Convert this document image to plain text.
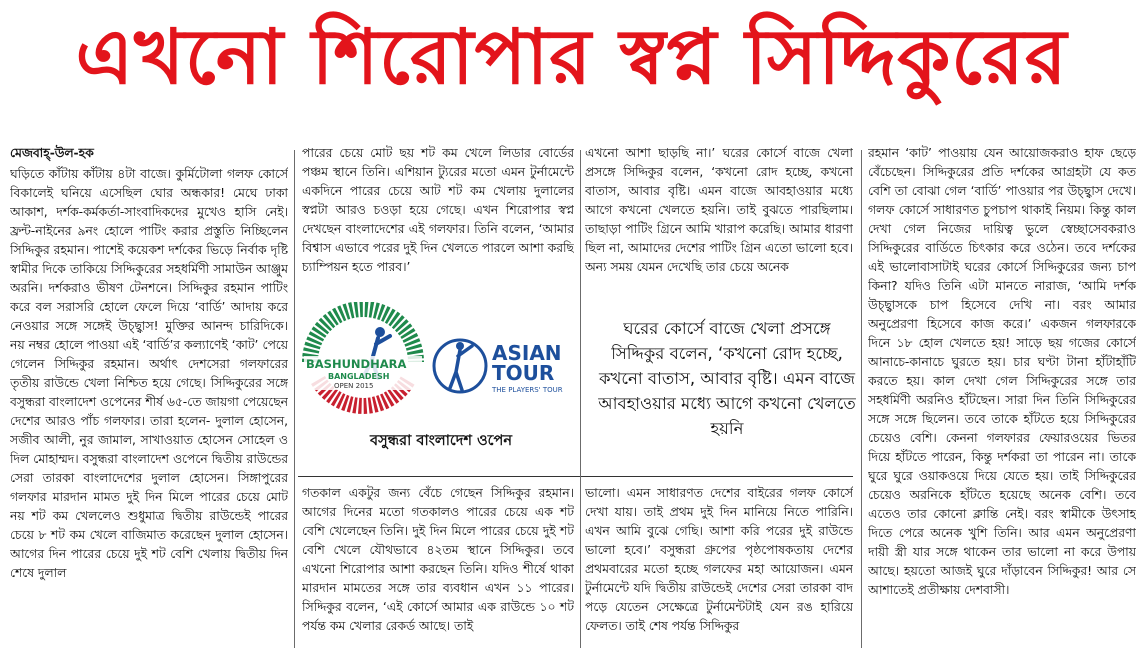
এখনো শিরোপার স্বপ্ন সিদ্দিকুরের
মেজবাহ্-উল-হক

ঘড়িতে কাঁটায় কাঁটায় ৪টা বাজে। কুর্মিটোলা গলফ কোর্সে বিকালেই ঘনিয়ে এসেছিল ঘোর অন্ধকার! মেঘে ঢাকা আকাশ, দর্শক-কর্মকর্তা-সাংবাদিকদের মুখেও হাসি নেই। ফ্রন্ট-নাইনের ৯নং হোলে পাটিং করার প্রস্তুতি নিচ্ছিলেন সিদ্দিকুর রহমান। পাশেই কয়েকশ দর্শকের ভিড়ে নির্বাক দৃষ্টি স্বামীর দিকে তাকিয়ে সিদ্দিকুরের সহধর্মিণী সামাউন আঞ্জুম অরনি। দর্শকরাও ভীষণ টেনশনে। সিদ্দিকুর রহমান পাটিং করে বল সরাসরি হোলে ফেলে দিয়ে ‘বার্ডি’ আদায় করে নেওয়ার সঙ্গে সঙ্গেই উচ্ছ্বাস! মুক্তির আনন্দ চারিদিকে। নয় নম্বর হোলে পাওয়া এই ‘বার্ডি’র কল্যাণেই ‘কাট’ পেয়ে গেলেন সিদ্দিকুর রহমান। অর্থাৎ দেশসেরা গলফারের তৃতীয় রাউন্ডে খেলা নিশ্চিত হয়ে গেছে। সিদ্দিকুরের সঙ্গে বসুন্ধরা বাংলাদেশ ওপেনের শীর্ষ ৬৫-তে জায়গা পেয়েছেন দেশের আরও পাঁচ গলফার। তারা হলেন- দুলাল হোসেন, সজীব আলী, নুর জামাল, সাখাওয়াত হোসেন সোহেল ও দিল মোহাম্মদ। বসুন্ধরা বাংলাদেশ ওপেনে দ্বিতীয় রাউন্ডের সেরা তারকা বাংলাদেশের দুলাল হোসেন। সিঙ্গাপুরের গলফার মারদান মামত দুই দিন মিলে পারের চেয়ে মোট নয় শট কম খেললেও শুধুমাত্র দ্বিতীয় রাউন্ডেই পারের চেয়ে ৮ শট কম খেলে বাজিমাত করেছেন দুলাল হোসেন। আগের দিন পারের চেয়ে দুই শট বেশি খেলায় দ্বিতীয় দিন শেষে দুলাল

পারের চেয়ে মোট ছয় শট কম খেলে লিডার বোর্ডের পঞ্চম স্থানে তিনি। এশিয়ান ট্যুরের মতো এমন টুর্নামেন্টে একদিনে পারের চেয়ে আট শট কম খেলায় দুলালের স্বপ্নটা আরও চওড়া হয়ে গেছে। এখন শিরোপার স্বপ্ন দেখছেন বাংলাদেশের এই গলফার। তিনি বলেন, ‘আমার বিশ্বাস এভাবে পরের দুই দিন খেলতে পারলে আশা করছি চ্যাম্পিয়ন হতে পারব।’

BASHUNDHARA
BANGLADESH
OPEN 2015
ASIAN
TOUR
THE PLAYERS' TOUR
বসুন্ধরা বাংলাদেশ ওপেন

গতকাল একটুর জন্য বেঁচে গেছেন সিদ্দিকুর রহমান। আগের দিনের মতো গতকালও পারের চেয়ে এক শট বেশি খেলেছেন তিনি। দুই দিন মিলে পারের চেয়ে দুই শট বেশি খেলে যৌথভাবে ৪২তম স্থানে সিদ্দিকুর। তবে এখনো শিরোপার আশা করছেন তিনি। যদিও শীর্ষে থাকা মারদান মামতের সঙ্গে তার ব্যবধান এখন ১১ পারের। সিদ্দিকুর বলেন, ‘এই কোর্সে আমার এক রাউন্ডে ১০ শট পর্যন্ত কম খেলার রেকর্ড আছে। তাই

এখনো আশা ছাড়ছি না।’ ঘরের কোর্সে বাজে খেলা প্রসঙ্গে সিদ্দিকুর বলেন, ‘কখনো রোদ হচ্ছে, কখনো বাতাস, আবার বৃষ্টি। এমন বাজে আবহাওয়ার মধ্যে আগে কখনো খেলতে হয়নি। তাই বুঝতে পারছিলাম। তাছাড়া পাটিং গ্রিনে আমি খারাপ করেছি। আমার ধারণা ছিল না, আমাদের দেশের পাটিং গ্রিন এতো ভালো হবে। অন্য সময় যেমন দেখেছি তার চেয়ে অনেক

ঘরের কোর্সে বাজে খেলা প্রসঙ্গে সিদ্দিকুর বলেন, ‘কখনো রোদ হচ্ছে, কখনো বাতাস, আবার বৃষ্টি। এমন বাজে আবহাওয়ার মধ্যে আগে কখনো খেলতে হয়নি

ভালো। এমন সাধারণত দেশের বাইরের গলফ কোর্সে দেখা যায়। তাই প্রথম দুই দিন মানিয়ে নিতে পারিনি। এখন আমি বুঝে গেছি। আশা করি পরের দুই রাউন্ডে ভালো হবে।’ বসুন্ধরা গ্রুপের পৃষ্ঠপোষকতায় দেশের প্রথমবারের মতো হচ্ছে গলফের মহা আয়োজন। এমন টুর্নামেন্টে যদি দ্বিতীয় রাউন্ডেই দেশের সেরা তারকা বাদ পড়ে যেতেন সেক্ষেত্রে টুর্নামেন্টটাই যেন রঙ হারিয়ে ফেলত। তাই শেষ পর্যন্ত সিদ্দিকুর

রহমান ‘কাট’ পাওয়ায় যেন আয়োজকরাও হাফ ছেড়ে বেঁচেছেন। সিদ্দিকুরের প্রতি দর্শকের আগ্রহটা যে কত বেশি তা বোঝা গেল ‘বার্ডি’ পাওয়ার পর উচ্ছ্বাস দেখে। গলফ কোর্সে সাধারণত চুপচাপ থাকাই নিয়ম। কিন্তু কাল দেখা গেল নিজের দায়িত্ব ভুলে স্বেচ্ছাসেবকরাও সিদ্দিকুরের বার্ডিতে চিৎকার করে ওঠেন। তবে দর্শকের এই ভালোবাসাটাই ঘরের কোর্সে সিদ্দিকুরের জন্য চাপ কিনা? যদিও তিনি এটা মানতে নারাজ, ‘আমি দর্শক উচ্ছ্বাসকে চাপ হিসেবে দেখি না। বরং আমার অনুপ্রেরণা হিসেবে কাজ করে।’ একজন গলফারকে দিনে ১৮ হোল খেলতে হয়! সাড়ে ছয় গজের কোর্সে আনাচে-কানাচে ঘুরতে হয়। চার ঘণ্টা টানা হাঁটাহাঁটি করতে হয়। কাল দেখা গেল সিদ্দিকুরের সঙ্গে তার সহধর্মিণী অরনিও হাঁটছেন। সারা দিন তিনি সিদ্দিকুরের সঙ্গে সঙ্গে ছিলেন। তবে তাকে হাঁটতে হয়ে সিদ্দিকুরের চেয়েও বেশি। কেননা গলফারর ফেয়ারওয়ের ভিতর দিয়ে হাঁটতে পারেন, কিন্তু দর্শকরা তা পারেন না। তাকে ঘুরে ঘুরে ওয়াকওয়ে দিয়ে যেতে হয়। তাই সিদ্দিকুরের চেয়েও অরনিকে হাঁটতে হয়েছে অনেক বেশি। তবে এতেও তার কোনো ক্লান্তি নেই। বরং স্বামীকে উৎসাহ দিতে পেরে অনেক খুশি তিনি। আর এমন অনুপ্রেরণা দায়ী স্ত্রী যার সঙ্গে থাকেন তার ভালো না করে উপায় আছে। হয়তো আজই ঘুরে দাঁড়াবেন সিদ্দিকুর! আর সে আশাতেই প্রতীক্ষায় দেশবাসী।
